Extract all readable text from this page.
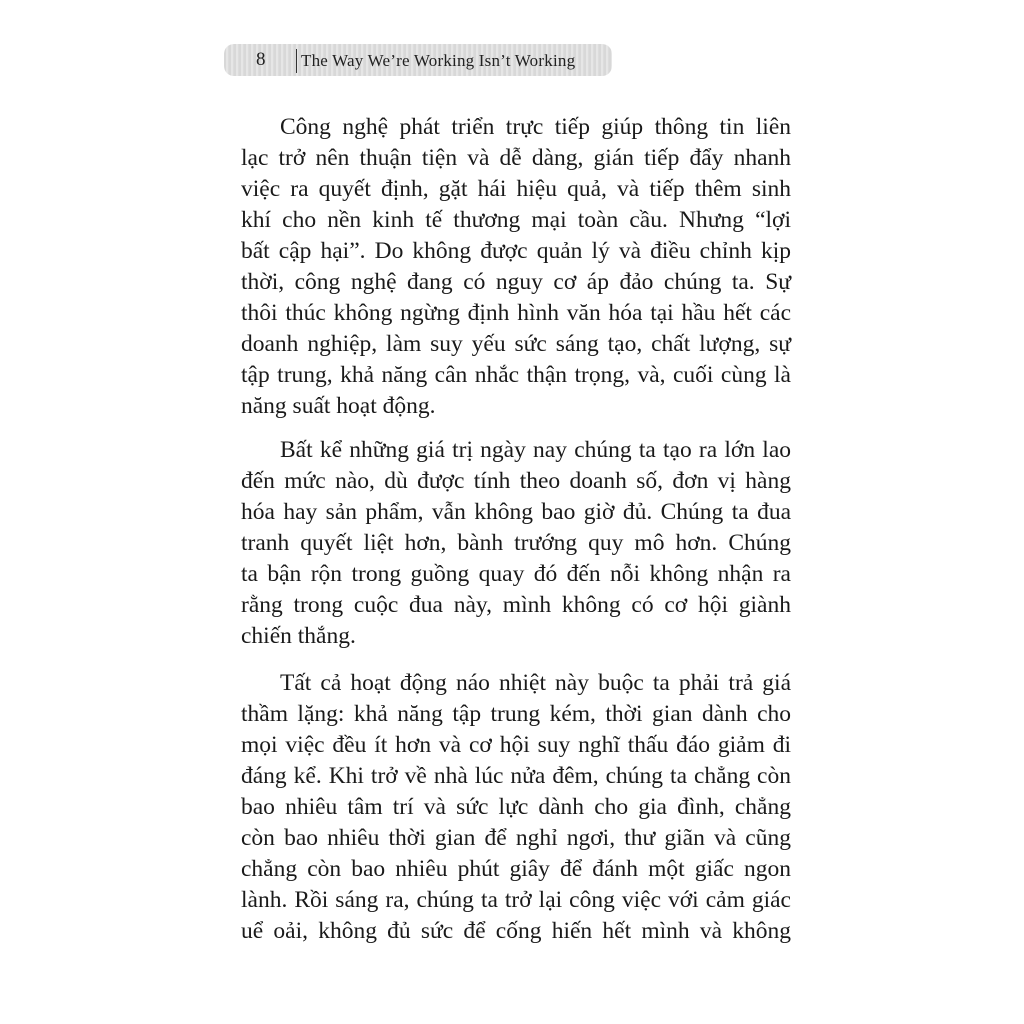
8 The Way We’re Working Isn’t Working
Công nghệ phát triển trực tiếp giúp thông tin liên
lạc trở nên thuận tiện và dễ dàng, gián tiếp đẩy nhanh
việc ra quyết định, gặt hái hiệu quả, và tiếp thêm sinh
khí cho nền kinh tế thương mại toàn cầu. Nhưng “lợi
bất cập hại”. Do không được quản lý và điều chỉnh kịp
thời, công nghệ đang có nguy cơ áp đảo chúng ta. Sự
thôi thúc không ngừng định hình văn hóa tại hầu hết các
doanh nghiệp, làm suy yếu sức sáng tạo, chất lượng, sự
tập trung, khả năng cân nhắc thận trọng, và, cuối cùng là
năng suất hoạt động.
Bất kể những giá trị ngày nay chúng ta tạo ra lớn lao
đến mức nào, dù được tính theo doanh số, đơn vị hàng
hóa hay sản phẩm, vẫn không bao giờ đủ. Chúng ta đua
tranh quyết liệt hơn, bành trướng quy mô hơn. Chúng
ta bận rộn trong guồng quay đó đến nỗi không nhận ra
rằng trong cuộc đua này, mình không có cơ hội giành
chiến thắng.
Tất cả hoạt động náo nhiệt này buộc ta phải trả giá
thầm lặng: khả năng tập trung kém, thời gian dành cho
mọi việc đều ít hơn và cơ hội suy nghĩ thấu đáo giảm đi
đáng kể. Khi trở về nhà lúc nửa đêm, chúng ta chẳng còn
bao nhiêu tâm trí và sức lực dành cho gia đình, chẳng
còn bao nhiêu thời gian để nghỉ ngơi, thư giãn và cũng
chẳng còn bao nhiêu phút giây để đánh một giấc ngon
lành. Rồi sáng ra, chúng ta trở lại công việc với cảm giác
uể oải, không đủ sức để cống hiến hết mình và không
